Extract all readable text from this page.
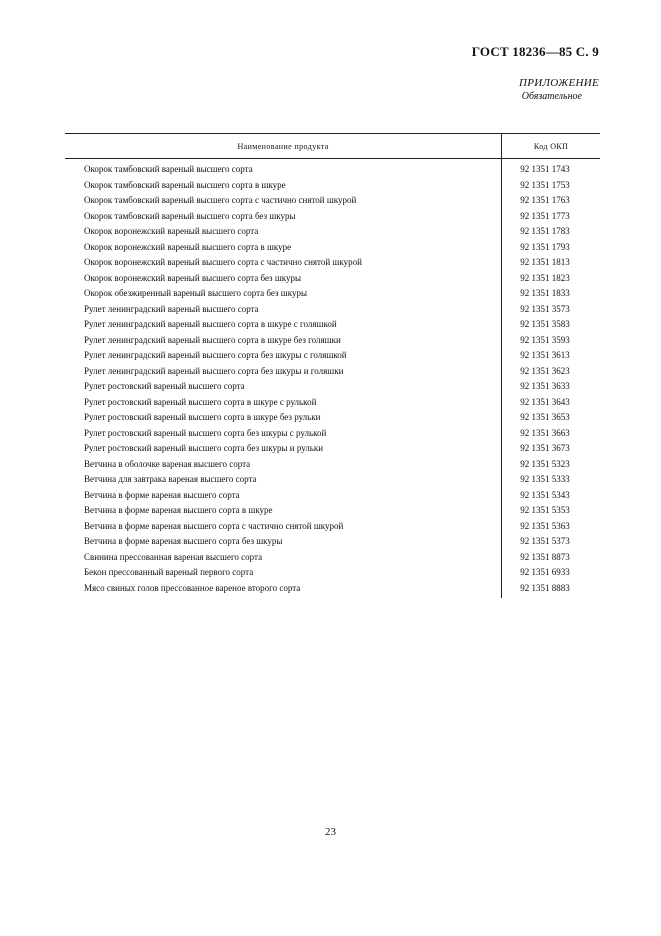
ГОСТ 18236—85 С. 9
ПРИЛОЖЕНИЕ
Обязательное
Наименование продукта	Код ОКП
Окорок тамбовский вареный высшего сорта
Окорок тамбовский вареный высшего сорта в шкуре
Окорок тамбовский вареный высшего сорта с частично снятой шкурой
Окорок тамбовский вареный высшего сорта без шкуры
Окорок воронежский вареный высшего сорта
Окорок воронежский вареный высшего сорта в шкуре
Окорок воронежский вареный высшего сорта с частично снятой шкурой
Окорок воронежский вареный высшего сорта без шкуры
Окорок обезжиренный вареный высшего сорта без шкуры
Рулет ленинградский вареный высшего сорта
Рулет ленинградский вареный высшего сорта в шкуре с голяшкой
Рулет ленинградский вареный высшего сорта в шкуре без голяшки
Рулет ленинградский вареный высшего сорта без шкуры с голяшкой
Рулет ленинградский вареный высшего сорта без шкуры и голяшки
Рулет ростовский вареный высшего сорта
Рулет ростовский вареный высшего сорта в шкуре с рулькой
Рулет ростовский вареный высшего сорта в шкуре без рульки
Рулет ростовский вареный высшего сорта без шкуры с рулькой
Рулет ростовский вареный высшего сорта без шкуры и рульки
Ветчина в оболочке вареная высшего сорта
Ветчина для завтрака вареная высшего сорта
Ветчина в форме вареная высшего сорта
Ветчина в форме вареная высшего сорта в шкуре
Ветчина в форме вареная высшего сорта с частично снятой шкурой
Ветчина в форме вареная высшего сорта без шкуры
Свинина прессованная вареная высшего сорта
Бекон прессованный вареный первого сорта
Мясо свиных голов прессованное вареное второго сорта
92 1351 1743
92 1351 1753
92 1351 1763
92 1351 1773
92 1351 1783
92 1351 1793
92 1351 1813
92 1351 1823
92 1351 1833
92 1351 3573
92 1351 3583
92 1351 3593
92 1351 3613
92 1351 3623
92 1351 3633
92 1351 3643
92 1351 3653
92 1351 3663
92 1351 3673
92 1351 5323
92 1351 5333
92 1351 5343
92 1351 5353
92 1351 5363
92 1351 5373
92 1351 8873
92 1351 6933
92 1351 8883
23
